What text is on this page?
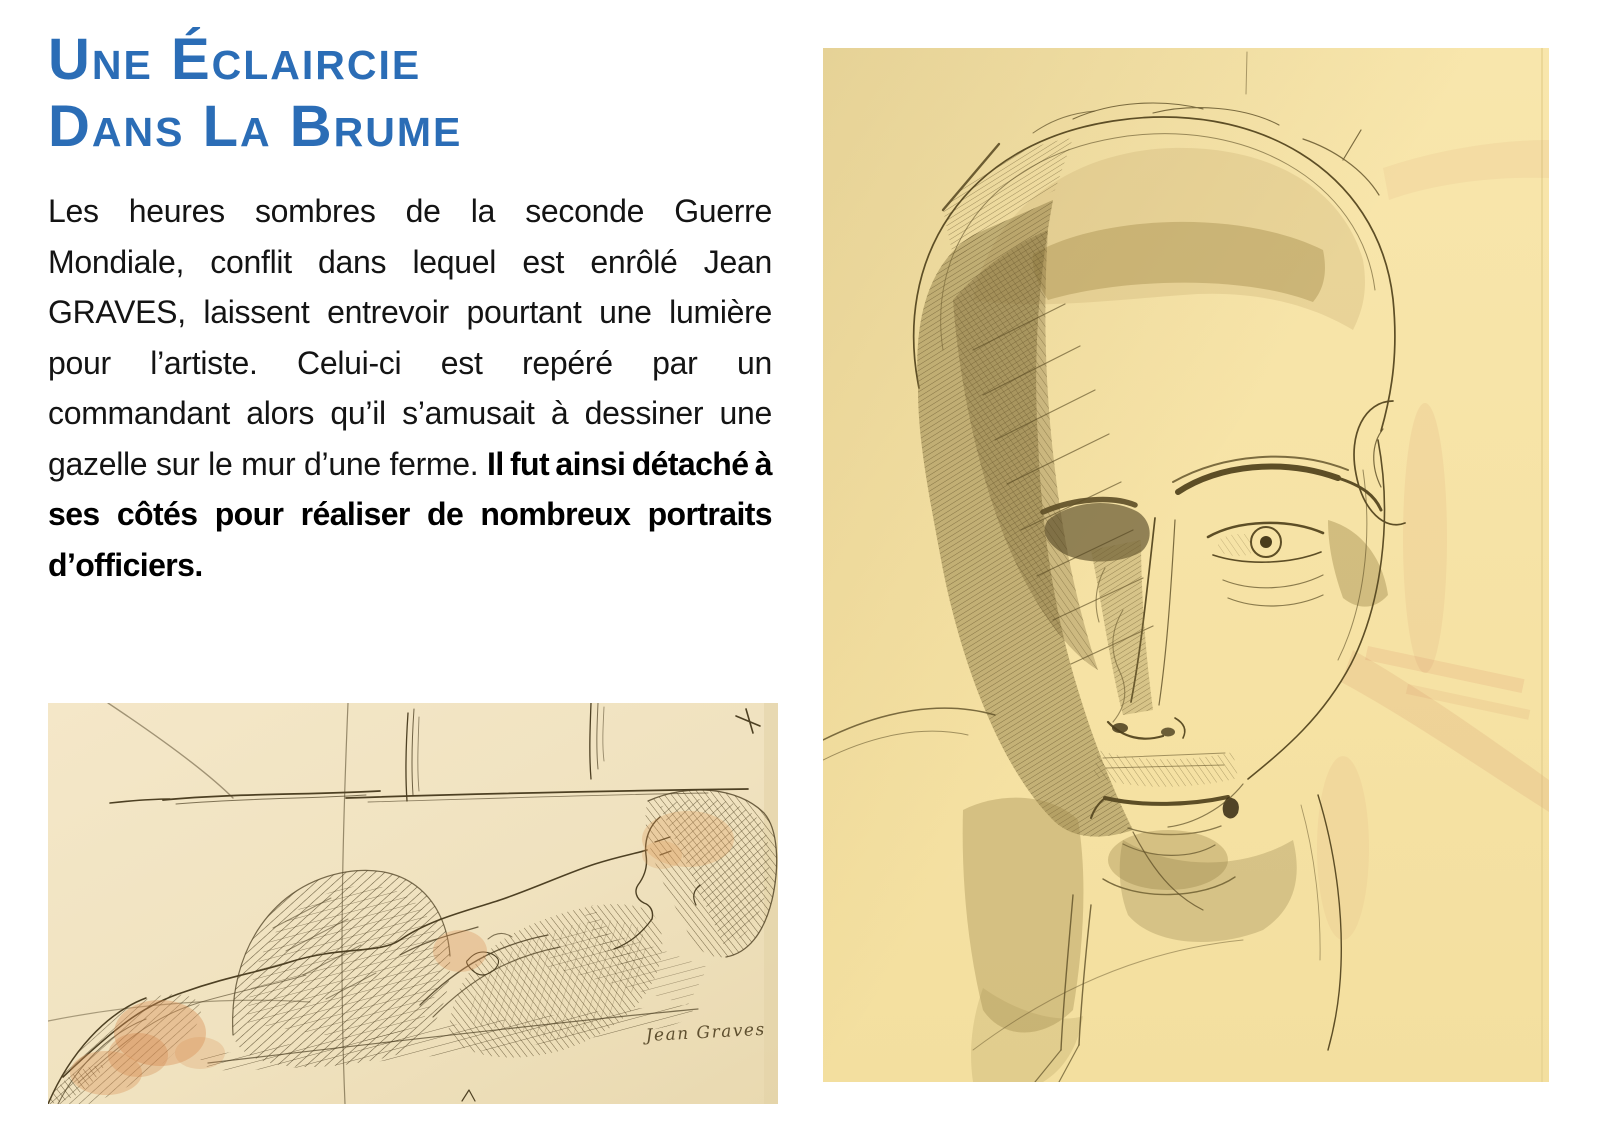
Une Éclaircie
Dans La Brume

Les heures sombres de la seconde Guerre Mondiale, conflit dans lequel est enrôlé Jean GRAVES, laissent entrevoir pourtant une lumière pour l’artiste. Celui-ci est repéré par un commandant alors qu’il s’amusait à dessiner une gazelle sur le mur d’une ferme. Il fut ainsi détaché à ses côtés pour réaliser de nombreux portraits d’officiers.

Jean Graves
